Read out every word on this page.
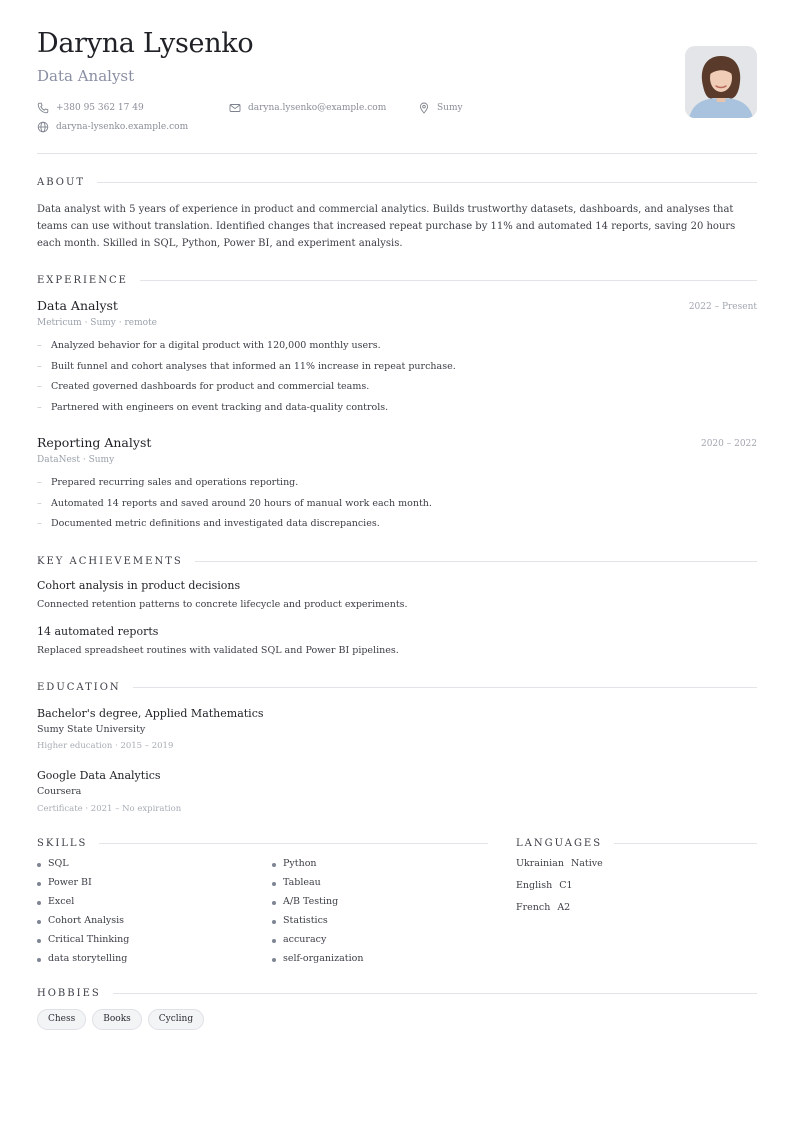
Daryna Lysenko
Data Analyst
+380 95 362 17 49	daryna.lysenko@example.com	Sumy
daryna-lysenko.example.com
ABOUT
Data analyst with 5 years of experience in product and commercial analytics. Builds trustworthy datasets, dashboards, and analyses that teams can use without translation. Identified changes that increased repeat purchase by 11% and automated 14 reports, saving 20 hours each month. Skilled in SQL, Python, Power BI, and experiment analysis.
EXPERIENCE
Data Analyst	2022 – Present
Metricum · Sumy · remote
– Analyzed behavior for a digital product with 120,000 monthly users.
– Built funnel and cohort analyses that informed an 11% increase in repeat purchase.
– Created governed dashboards for product and commercial teams.
– Partnered with engineers on event tracking and data-quality controls.
Reporting Analyst	2020 – 2022
DataNest · Sumy
– Prepared recurring sales and operations reporting.
– Automated 14 reports and saved around 20 hours of manual work each month.
– Documented metric definitions and investigated data discrepancies.
KEY ACHIEVEMENTS
Cohort analysis in product decisions
Connected retention patterns to concrete lifecycle and product experiments.
14 automated reports
Replaced spreadsheet routines with validated SQL and Power BI pipelines.
EDUCATION
Bachelor's degree, Applied Mathematics
Sumy State University
Higher education · 2015 – 2019
Google Data Analytics
Coursera
Certificate · 2021 – No expiration
SKILLS
SQL
Power BI
Excel
Cohort Analysis
Critical Thinking
data storytelling
Python
Tableau
A/B Testing
Statistics
accuracy
self-organization
LANGUAGES
Ukrainian Native
English C1
French A2
HOBBIES
Chess	Books	Cycling
